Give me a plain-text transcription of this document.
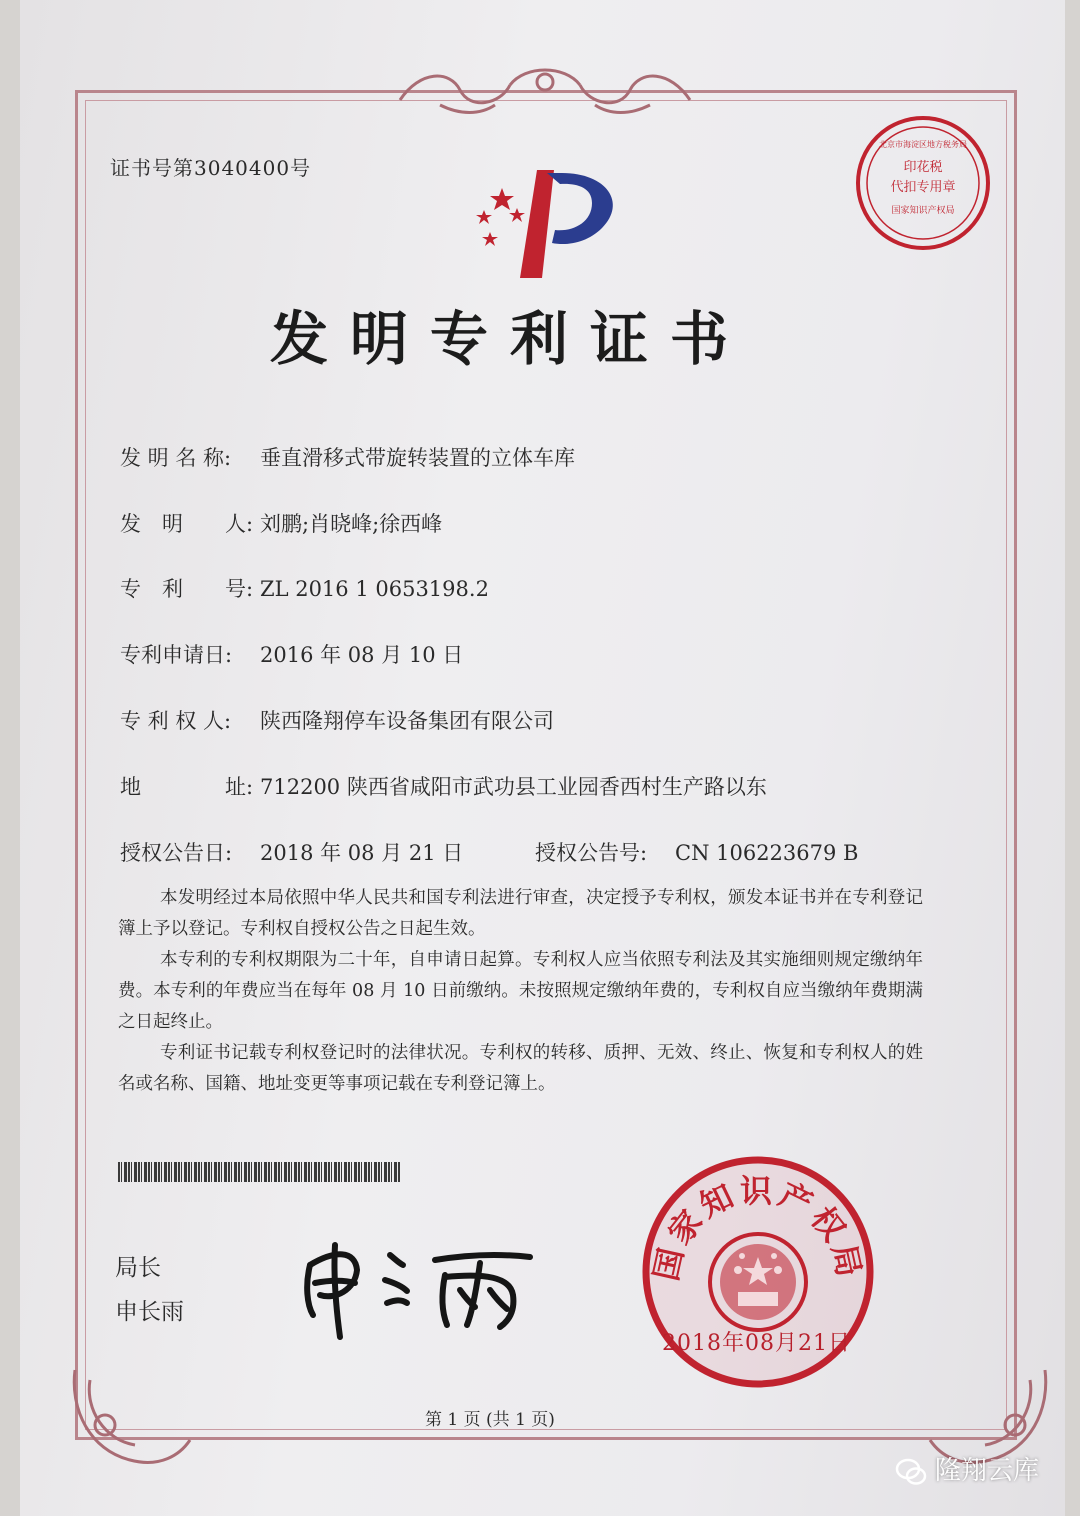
证书号第3040400号
发明专利证书
发 明 名 称: 垂直滑移式带旋转装置的立体车库
发　明　　人: 刘鹏;肖晓峰;徐西峰
专　利　　号: ZL 2016 1 0653198.2
专利申请日: 2016 年 08 月 10 日
专 利 权 人: 陕西隆翔停车设备集团有限公司
地　　　　址: 712200 陕西省咸阳市武功县工业园香西村生产路以东
授权公告日: 2018 年 08 月 21 日	授权公告号: CN 106223679 B

本发明经过本局依照中华人民共和国专利法进行审查，决定授予专利权，颁发本证书并在专利登记簿上予以登记。专利权自授权公告之日起生效。

本专利的专利权期限为二十年，自申请日起算。专利权人应当依照专利法及其实施细则规定缴纳年费。本专利的年费应当在每年 08 月 10 日前缴纳。未按照规定缴纳年费的，专利权自应当缴纳年费期满之日起终止。

专利证书记载专利权登记时的法律状况。专利权的转移、质押、无效、终止、恢复和专利权人的姓名或名称、国籍、地址变更等事项记载在专利登记簿上。

局长
申长雨
国家知识产权局
2018年08月21日
印花税
代扣专用章
国家知识产权局
北京市海淀区地方税务局
第 1 页 (共 1 页)
隆翔云库
